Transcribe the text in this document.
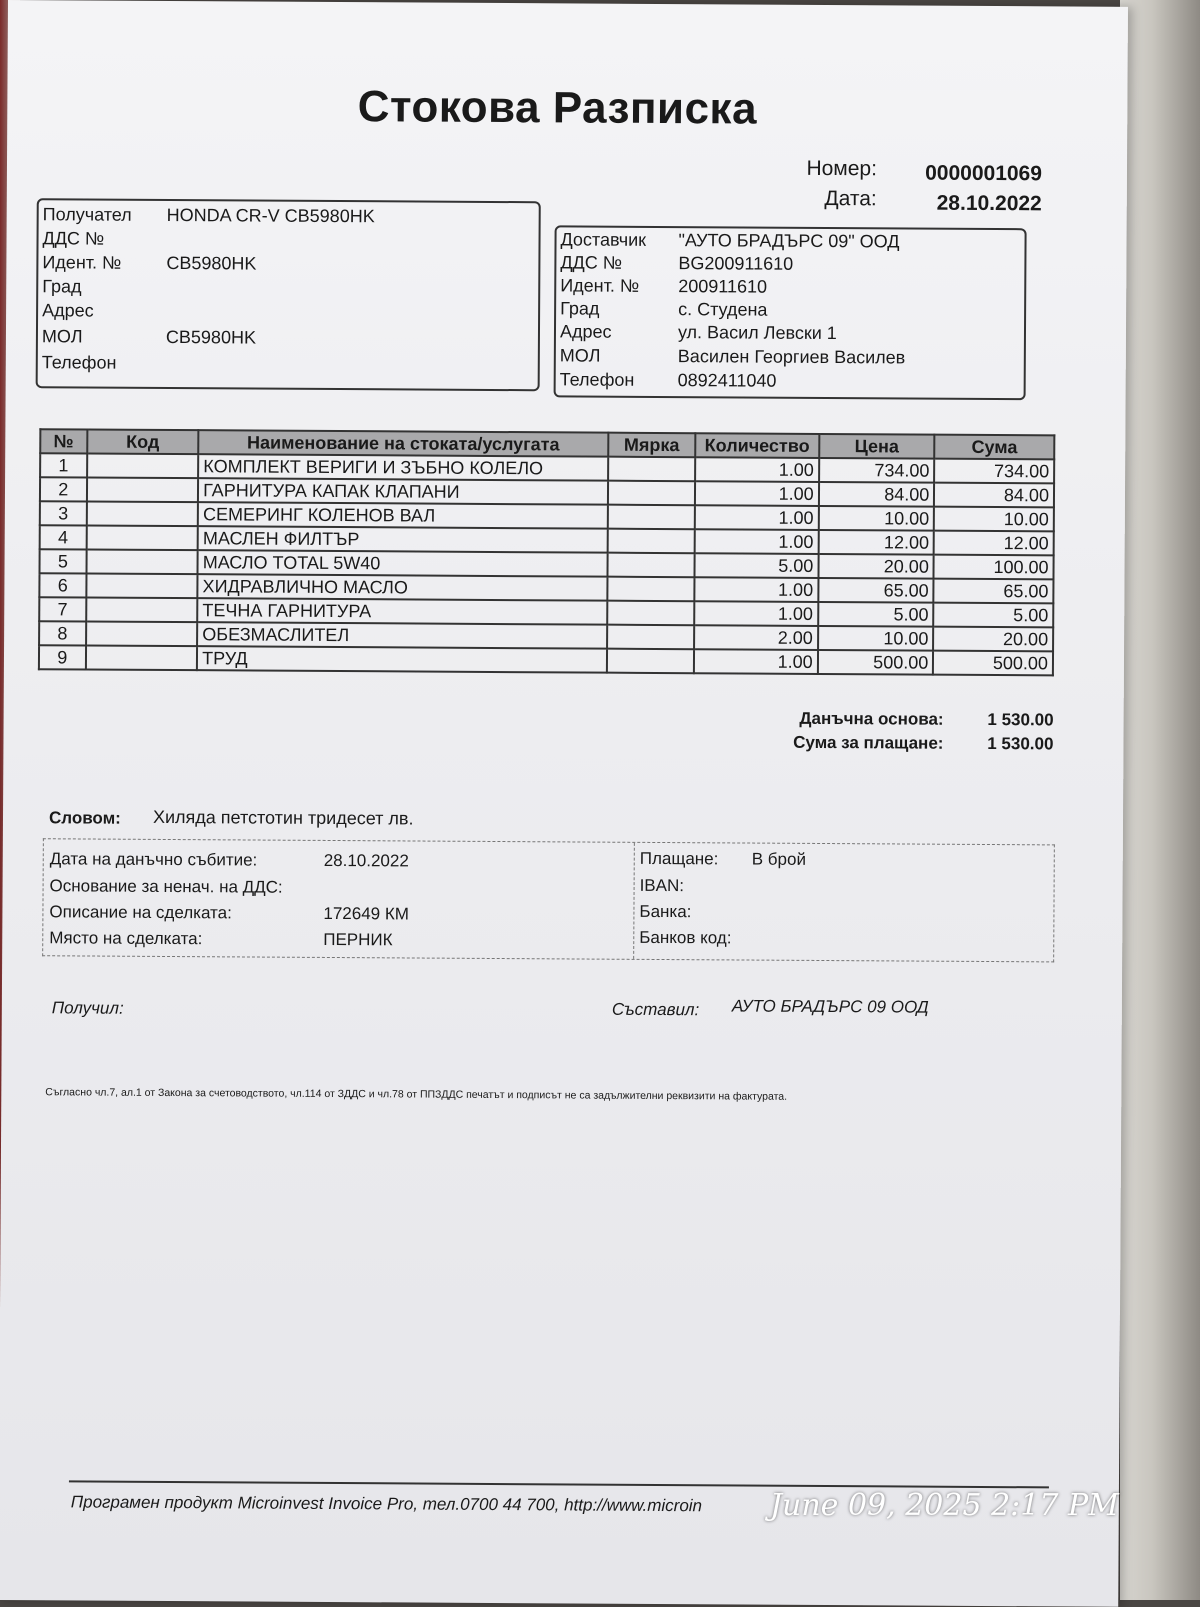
Стокова Разписка
Номер:	0000001069
Дата:	28.10.2022
Получател HONDA CR-V CB5980HK
ДДС №
Идент. № CB5980HK
Град
Адрес
МОЛ	CB5980HK
Телефон
Доставчик "АУТО БРАДЪРС 09" ООД
ДДС №	BG200911610
Идент. № 200911610
Град	с. Студена
Адрес	ул. Васил Левски 1
МОЛ	Василен Георгиев Василев
Телефон 0892411040
№	Код	Наименование на стоката/услугата	Мярка	Количество	Цена	Сума
1		КОМПЛЕКТ ВЕРИГИ И ЗЪБНО КОЛЕЛО		1.00	734.00	734.00
2		ГАРНИТУРА КАПАК КЛАПАНИ		1.00	84.00	84.00
3		СЕМЕРИНГ КОЛЕНОВ ВАЛ		1.00	10.00	10.00
4		МАСЛЕН ФИЛТЪР		1.00	12.00	12.00
5		МАСЛО TOTAL 5W40		5.00	20.00	100.00
6		ХИДРАВЛИЧНО МАСЛО		1.00	65.00	65.00
7		ТЕЧНА ГАРНИТУРА		1.00	5.00	5.00
8		ОБЕЗМАСЛИТЕЛ		2.00	10.00	20.00
9		ТРУД		1.00	500.00	500.00
Данъчна основа:	1 530.00
Сума за плащане:	1 530.00
Словом: Хиляда петстотин тридесет лв.
Дата на данъчно събитие:	28.10.2022
Основание за ненач. на ДДС:
Описание на сделката:	172649 КМ
Място на сделката:	ПЕРНИК
Плащане: В брой
IBAN:
Банка:
Банков код:
Получил:	Съставил: АУТО БРАДЪРС 09 ООД
Съгласно чл.7, ал.1 от Закона за счетоводството, чл.114 от ЗДДС и чл.78 от ППЗДДС печатът и подписът не са задължителни реквизити на фактурата.
Програмен продукт Microinvest Invoice Pro, тел.0700 44 700, http://www.microin June 09, 2025 2:17 PM
